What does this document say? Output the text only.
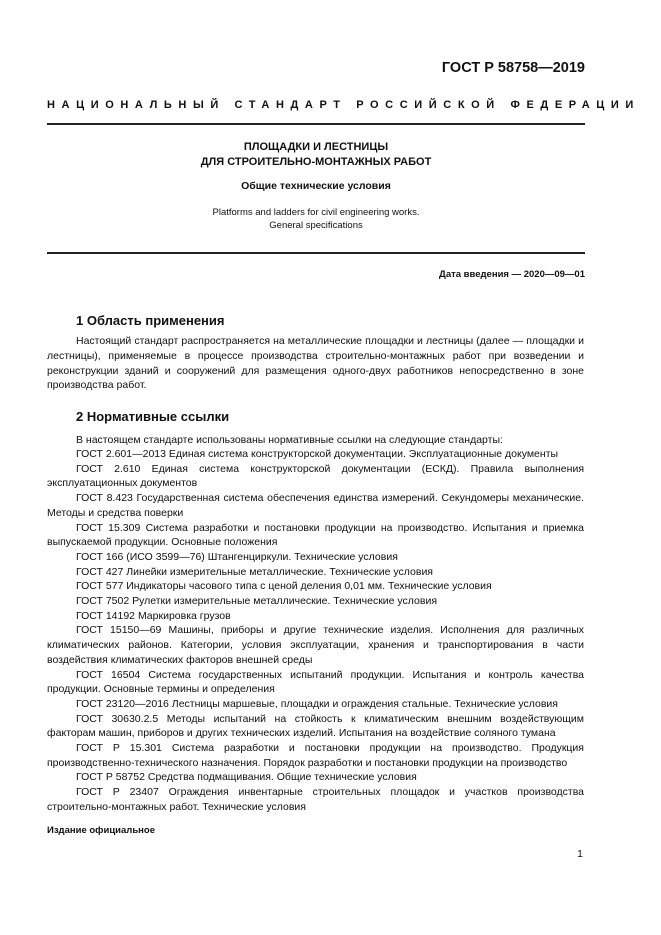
ГОСТ Р 58758—2019
НАЦИОНАЛЬНЫЙ СТАНДАРТ РОССИЙСКОЙ ФЕДЕРАЦИИ
ПЛОЩАДКИ И ЛЕСТНИЦЫ
ДЛЯ СТРОИТЕЛЬНО-МОНТАЖНЫХ РАБОТ
Общие технические условия
Platforms and ladders for civil engineering works.
General specifications
Дата введения — 2020—09—01
1 Область применения
Настоящий стандарт распространяется на металлические площадки и лестницы (далее — площадки и лестницы), применяемые в процессе производства строительно-монтажных работ при возведении и реконструкции зданий и сооружений для размещения одного-двух работников непосредственно в зоне производства работ.
2 Нормативные ссылки
В настоящем стандарте использованы нормативные ссылки на следующие стандарты:
ГОСТ 2.601—2013 Единая система конструкторской документации. Эксплуатационные документы
ГОСТ 2.610 Единая система конструкторской документации (ЕСКД). Правила выполнения эксплуатационных документов
ГОСТ 8.423 Государственная система обеспечения единства измерений. Секундомеры механические. Методы и средства поверки
ГОСТ 15.309 Система разработки и постановки продукции на производство. Испытания и приемка выпускаемой продукции. Основные положения
ГОСТ 166 (ИСО 3599—76) Штангенциркули. Технические условия
ГОСТ 427 Линейки измерительные металлические. Технические условия
ГОСТ 577 Индикаторы часового типа с ценой деления 0,01 мм. Технические условия
ГОСТ 7502 Рулетки измерительные металлические. Технические условия
ГОСТ 14192 Маркировка грузов
ГОСТ 15150—69 Машины, приборы и другие технические изделия. Исполнения для различных климатических районов. Категории, условия эксплуатации, хранения и транспортирования в части воздействия климатических факторов внешней среды
ГОСТ 16504 Система государственных испытаний продукции. Испытания и контроль качества продукции. Основные термины и определения
ГОСТ 23120—2016 Лестницы маршевые, площадки и ограждения стальные. Технические условия
ГОСТ 30630.2.5 Методы испытаний на стойкость к климатическим внешним воздействующим факторам машин, приборов и других технических изделий. Испытания на воздействие соляного тумана
ГОСТ Р 15.301 Система разработки и постановки продукции на производство. Продукция производственно-технического назначения. Порядок разработки и постановки продукции на производство
ГОСТ Р 58752 Средства подмащивания. Общие технические условия
ГОСТ Р 23407 Ограждения инвентарные строительных площадок и участков производства строительно-монтажных работ. Технические условия
Издание официальное
1
